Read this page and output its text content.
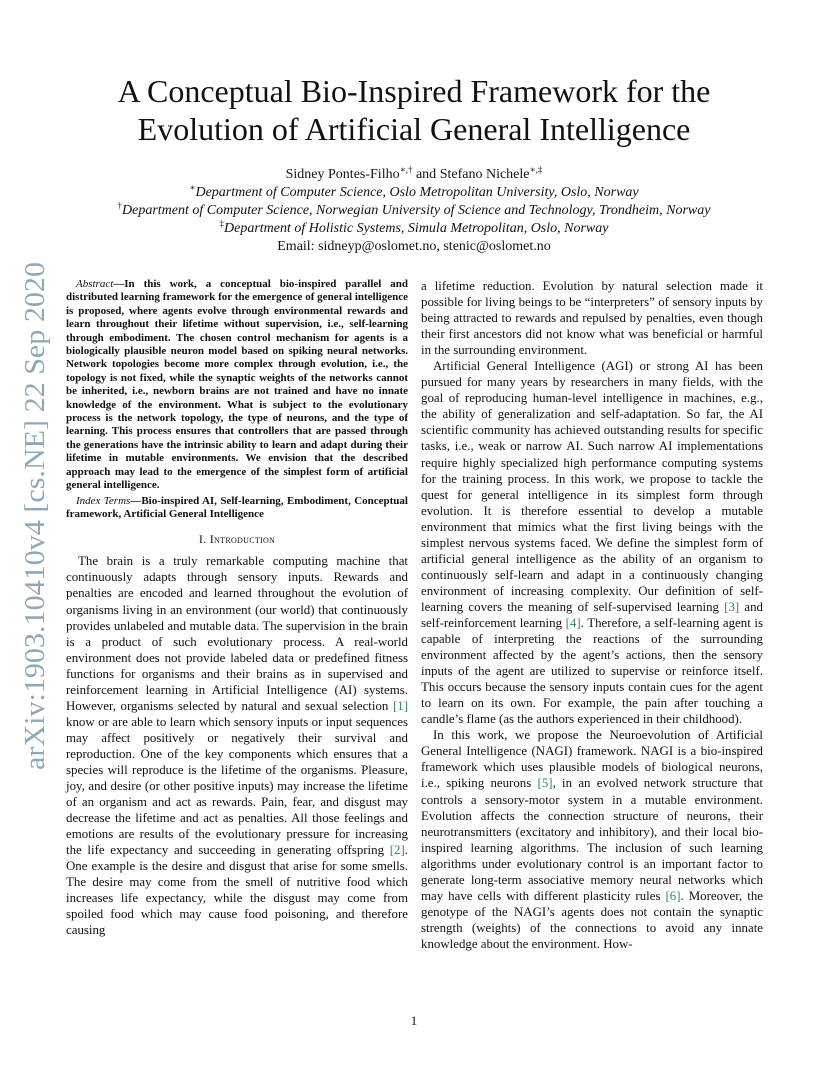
arXiv:1903.10410v4 [cs.NE] 22 Sep 2020
A Conceptual Bio-Inspired Framework for the Evolution of Artificial General Intelligence
Sidney Pontes-Filho∗,† and Stefano Nichele∗,‡
∗Department of Computer Science, Oslo Metropolitan University, Oslo, Norway
†Department of Computer Science, Norwegian University of Science and Technology, Trondheim, Norway
‡Department of Holistic Systems, Simula Metropolitan, Oslo, Norway
Email: sidneyp@oslomet.no, stenic@oslomet.no

Abstract—In this work, a conceptual bio-inspired parallel and distributed learning framework for the emergence of general intelligence is proposed, where agents evolve through environmental rewards and learn throughout their lifetime without supervision, i.e., self-learning through embodiment. The chosen control mechanism for agents is a biologically plausible neuron model based on spiking neural networks. Network topologies become more complex through evolution, i.e., the topology is not fixed, while the synaptic weights of the networks cannot be inherited, i.e., newborn brains are not trained and have no innate knowledge of the environment. What is subject to the evolutionary process is the network topology, the type of neurons, and the type of learning. This process ensures that controllers that are passed through the generations have the intrinsic ability to learn and adapt during their lifetime in mutable environments. We envision that the described approach may lead to the emergence of the simplest form of artificial general intelligence.

Index Terms—Bio-inspired AI, Self-learning, Embodiment, Conceptual framework, Artificial General Intelligence

I. Introduction

The brain is a truly remarkable computing machine that continuously adapts through sensory inputs. Rewards and penalties are encoded and learned throughout the evolution of organisms living in an environment (our world) that continuously provides unlabeled and mutable data. The supervision in the brain is a product of such evolutionary process. A real-world environment does not provide labeled data or predefined fitness functions for organisms and their brains as in supervised and reinforcement learning in Artificial Intelligence (AI) systems. However, organisms selected by natural and sexual selection [ 1 ] know or are able to learn which sensory inputs or input sequences may affect positively or negatively their survival and reproduction. One of the key components which ensures that a species will reproduce is the lifetime of the organisms. Pleasure, joy, and desire (or other positive inputs) may increase the lifetime of an organism and act as rewards. Pain, fear, and disgust may decrease the lifetime and act as penalties. All those feelings and emotions are results of the evolutionary pressure for increasing the life expectancy and succeeding in generating offspring [ 2 ] . One example is the desire and disgust that arise for some smells. The desire may come from the smell of nutritive food which increases life expectancy, while the disgust may come from spoiled food which may cause food poisoning, and therefore causing

a lifetime reduction. Evolution by natural selection made it possible for living beings to be “interpreters” of sensory inputs by being attracted to rewards and repulsed by penalties, even though their first ancestors did not know what was beneficial or harmful in the surrounding environment.

Artificial General Intelligence (AGI) or strong AI has been pursued for many years by researchers in many fields, with the goal of reproducing human-level intelligence in machines, e.g., the ability of generalization and self-adaptation. So far, the AI scientific community has achieved outstanding results for specific tasks, i.e., weak or narrow AI. Such narrow AI implementations require highly specialized high performance computing systems for the training process. In this work, we propose to tackle the quest for general intelligence in its simplest form through evolution. It is therefore essential to develop a mutable environment that mimics what the first living beings with the simplest nervous systems faced. We define the simplest form of artificial general intelligence as the ability of an organism to continuously self-learn and adapt in a continuously changing environment of increasing complexity. Our definition of self-learning covers the meaning of self-supervised learning [ 3 ] and self-reinforcement learning [ 4 ] . Therefore, a self-learning agent is capable of interpreting the reactions of the surrounding environment affected by the agent’s actions, then the sensory inputs of the agent are utilized to supervise or reinforce itself. This occurs because the sensory inputs contain cues for the agent to learn on its own. For example, the pain after touching a candle’s flame (as the authors experienced in their childhood).

In this work, we propose the Neuroevolution of Artificial General Intelligence (NAGI) framework. NAGI is a bio-inspired framework which uses plausible models of biological neurons, i.e., spiking neurons [ 5 ] , in an evolved network structure that controls a sensory-motor system in a mutable environment. Evolution affects the connection structure of neurons, their neurotransmitters (excitatory and inhibitory), and their local bio-inspired learning algorithms. The inclusion of such learning algorithms under evolutionary control is an important factor to generate long-term associative memory neural networks which may have cells with different plasticity rules [ 6 ] . Moreover, the genotype of the NAGI’s agents does not contain the synaptic strength (weights) of the connections to avoid any innate knowledge about the environment. How-

1
